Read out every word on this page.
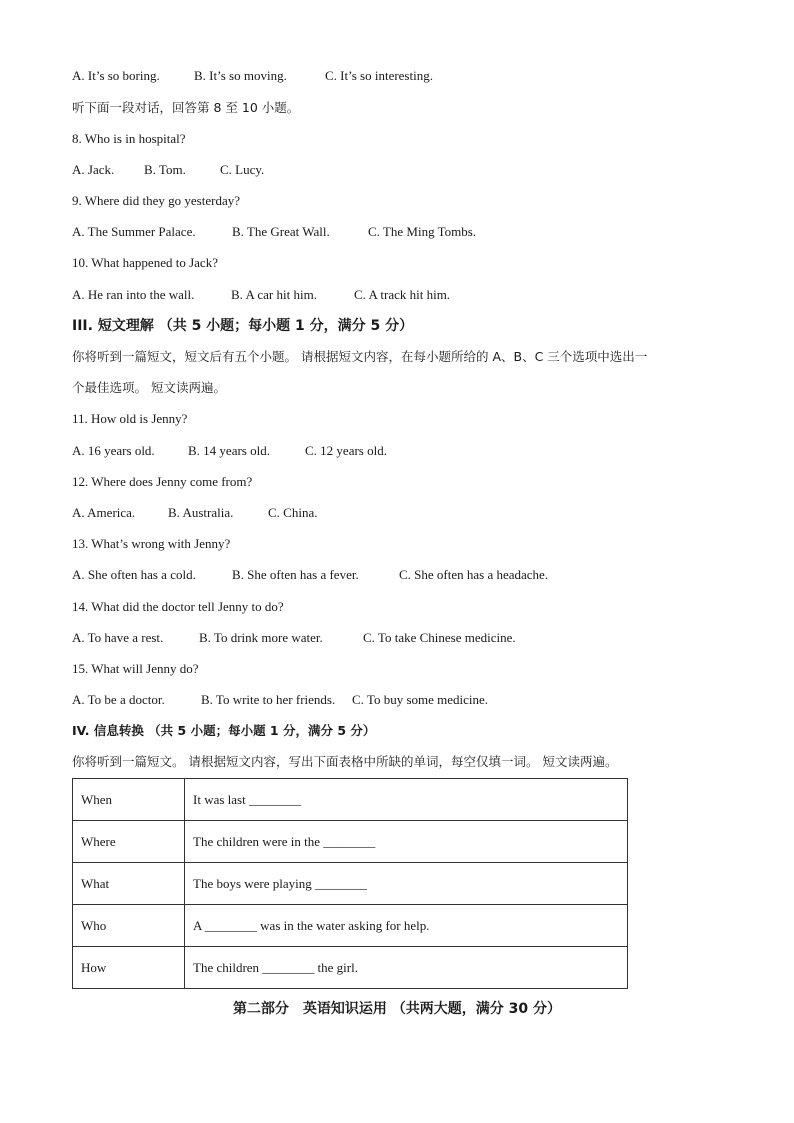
A. It’s so boring.	B. It’s so moving.	C. It’s so interesting.
听下面一段对话，回答第 8 至 10 小题。
8. Who is in hospital?
A. Jack. B. Tom.	C. Lucy.
9. Where did they go yesterday?
A. The Summer Palace.	B. The Great Wall.	C. The Ming Tombs.
10. What happened to Jack?
A. He ran into the wall.	B. A car hit him.	C. A track hit him.
III. 短文理解 （共 5 小题；每小题 1 分，满分 5 分）
你将听到一篇短文，短文后有五个小题。 请根据短文内容，在每小题所给的 A、B、C 三个选项中选出一
个最佳选项。 短文读两遍。
11. How old is Jenny?
A. 16 years old.	B. 14 years old.	C. 12 years old.
12. Where does Jenny come from?
A. America.	B. Australia.	C. China.
13. What’s wrong with Jenny?
A. She often has a cold.	B. She often has a fever.	C. She often has a headache.
14. What did the doctor tell Jenny to do?
A. To have a rest.	B. To drink more water.	C. To take Chinese medicine.
15. What will Jenny do?
A. To be a doctor.	B. To write to her friends. C. To buy some medicine.
IV. 信息转换 （共 5 小题；每小题 1 分，满分 5 分）
你将听到一篇短文。 请根据短文内容，写出下面表格中所缺的单词，每空仅填一词。 短文读两遍。
When	It was last ________
Where	The children were in the ________
What	The boys were playing ________
Who	A ________ was in the water asking for help.
How	The children ________ the girl.
第二部分　英语知识运用 （共两大题，满分 30 分）
